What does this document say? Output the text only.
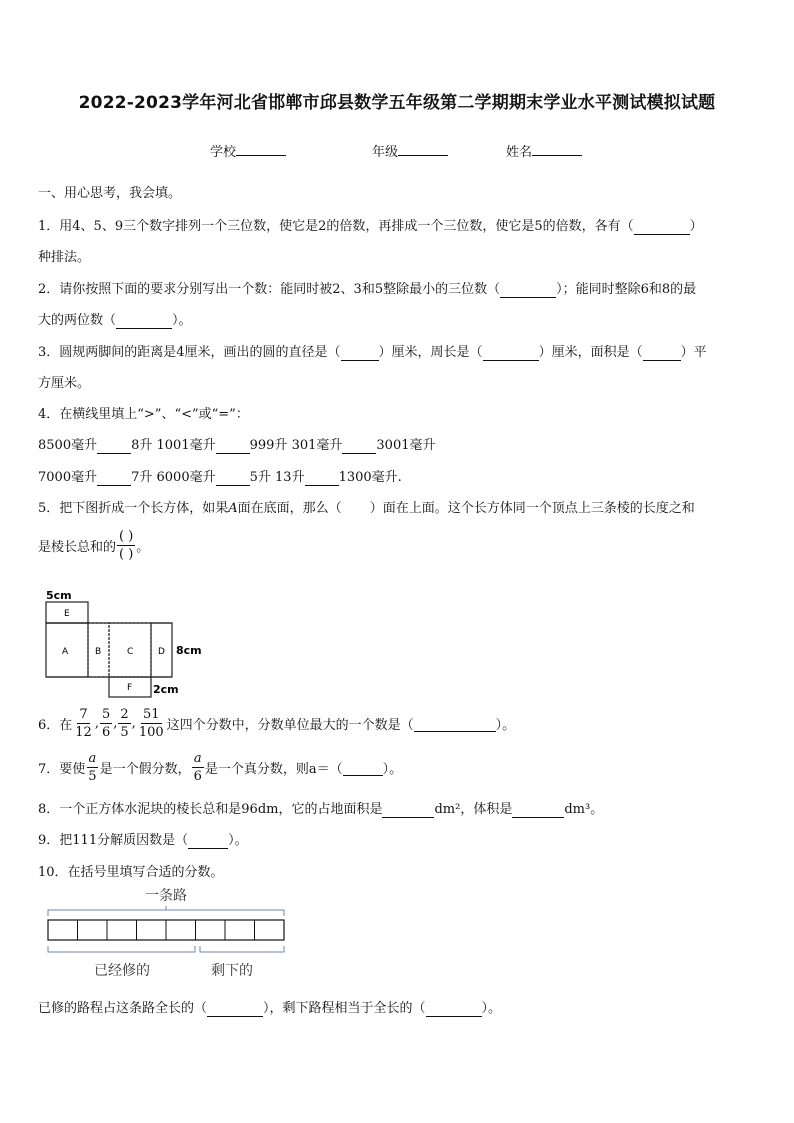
2022-2023学年河北省邯郸市邱县数学五年级第二学期期末学业水平测试模拟试题
学校	年级	姓名
一、用心思考，我会填。
1．用4、5、9三个数字排列一个三位数，使它是2的倍数，再排成一个三位数，使它是5的倍数，各有（	）
种排法。
2．请你按照下面的要求分别写出一个数：能同时被2、3和5整除最小的三位数（	）；能同时整除6和8的最
大的两位数（	）。
3．圆规两脚间的距离是4厘米，画出的圆的直径是（	）厘米，周长是（	）厘米，面积是（	）平
方厘米。
4．在横线里填上“>”、“<”或“=”：
8500毫升	8升 1001毫升	999升 301毫升	3001毫升
7000毫升	7升 6000毫升	5升 13升	1300毫升.
5．把下图折成一个长方体，如果A面在底面，那么（ ）面在上面。这个长方体同一个顶点上三条棱的长度之和
是棱长总和的 $\frac{( )}{( )}$ 。
5cm
E
A	B	C	D
F
8cm
2cm
6．在 $\frac{7}{12}$ , $\frac{5}{6}$ , $\frac{2}{5}$ , $\frac{51}{100}$ 这四个分数中，分数单位最大的一个数是（	）。
7．要使 $\frac{a}{5}$ 是一个假分数， $\frac{a}{6}$ 是一个真分数，则a＝（	）。
8．一个正方体水泥块的棱长总和是96dm，它的占地面积是	dm²，体积是	dm³。
9．把111分解质因数是（	）。
10．在括号里填写合适的分数。
一条路
已经修的	剩下的
已修的路程占这条路全长的（	），剩下路程相当于全长的（	）。
